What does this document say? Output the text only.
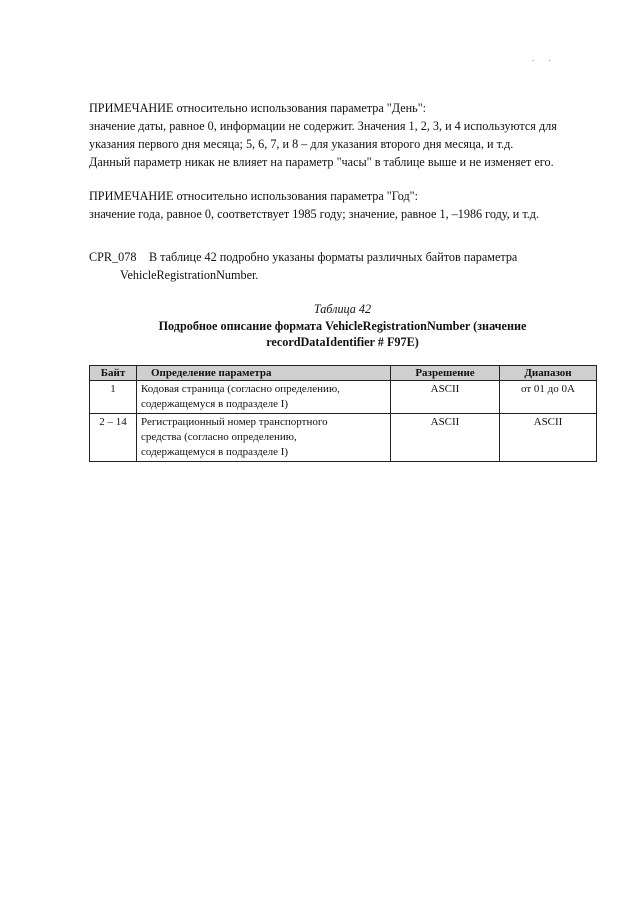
. .
ПРИМЕЧАНИЕ относительно использования параметра "День":
значение даты, равное 0, информации не содержит. Значения 1, 2, 3, и 4 используются для
указания первого дня месяца; 5, 6, 7, и 8 – для указания второго дня месяца, и т.д.
Данный параметр никак не влияет на параметр "часы" в таблице выше и не изменяет его.
ПРИМЕЧАНИЕ относительно использования параметра "Год":
значение года, равное 0, соответствует 1985 году; значение, равное 1, –1986 году, и т.д.
CPR_078 В таблице 42 подробно указаны форматы различных байтов параметра
VehicleRegistrationNumber.
Таблица 42
Подробное описание формата VehicleRegistrationNumber (значение
recordDataIdentifier # F97E)
Байт	Определение параметра	Разрешение	Диапазон
1	Кодовая страница (согласно определению,
содержащемуся в подразделе I)	ASCII	от 01 до 0A
2 – 14	Регистрационный номер транспортного
средства (согласно определению,
содержащемуся в подразделе I)	ASCII	ASCII
